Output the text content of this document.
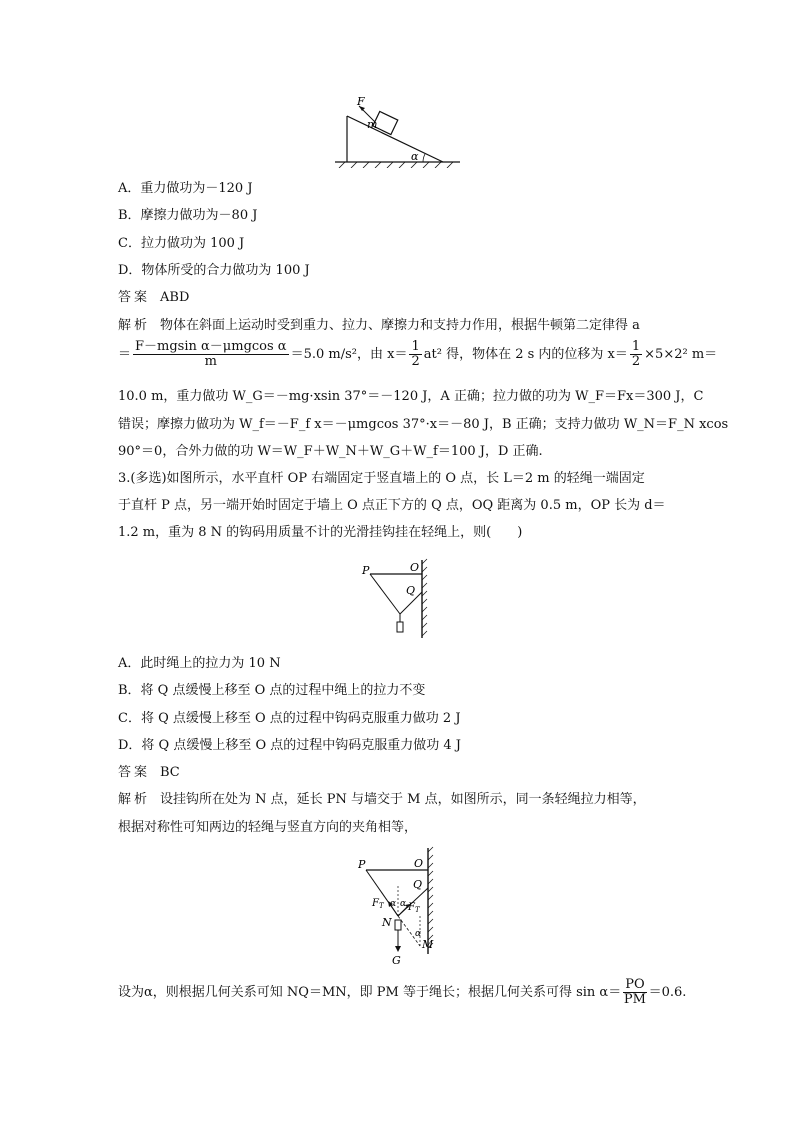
F
m
α
A．重力做功为－120 J
B．摩擦力做功为－80 J
C．拉力做功为 100 J
D．物体所受的合力做功为 100 J
答案 ABD
解析 物体在斜面上运动时受到重力、拉力、摩擦力和支持力作用，根据牛顿第二定律得 a
＝ $\frac{\text{F－mgsin α－μmgcos α}}{m} =5.0$ m/s²，由 $x= \frac{1}{2} at^2$ 得，物体在 2 s 内的位移为 $x= \frac{1}{2} \times 5\times 2^2$ m＝
10.0 m，重力做功 W_G＝－mg·xsin 37°＝－120 J，A 正确；拉力做的功为 W_F＝Fx＝300 J，C
错误；摩擦力做功为 W_f＝－F_f x＝－μmgcos 37°·x＝－80 J，B 正确；支持力做功 W_N＝F_N xcos
90°＝0，合外力做的功 W＝W_F＋W_N＋W_G＋W_f＝100 J，D 正确.
3.(多选)如图所示，水平直杆 OP 右端固定于竖直墙上的 O 点，长 L＝2 m 的轻绳一端固定
于直杆 P 点，另一端开始时固定于墙上 O 点正下方的 Q 点，OQ 距离为 0.5 m，OP 长为 d＝
1.2 m，重为 8 N 的钩码用质量不计的光滑挂钩挂在轻绳上，则(　　)
P	O
Q
A．此时绳上的拉力为 10 N
B．将 Q 点缓慢上移至 O 点的过程中绳上的拉力不变
C．将 Q 点缓慢上移至 O 点的过程中钩码克服重力做功 2 J
D．将 Q 点缓慢上移至 O 点的过程中钩码克服重力做功 4 J
答案 BC
解析 设挂钩所在处为 N 点，延长 PN 与墙交于 M 点，如图所示，同一条轻绳拉力相等，
根据对称性可知两边的轻绳与竖直方向的夹角相等，
P	O
Q
$F_T$ $F_T$
α α
α
N
M
G
设为α，则根据几何关系可知 NQ＝MN，即 PM 等于绳长；根据几何关系可得 $\sin \alpha= \frac{PO}{PM} =0.6$.
